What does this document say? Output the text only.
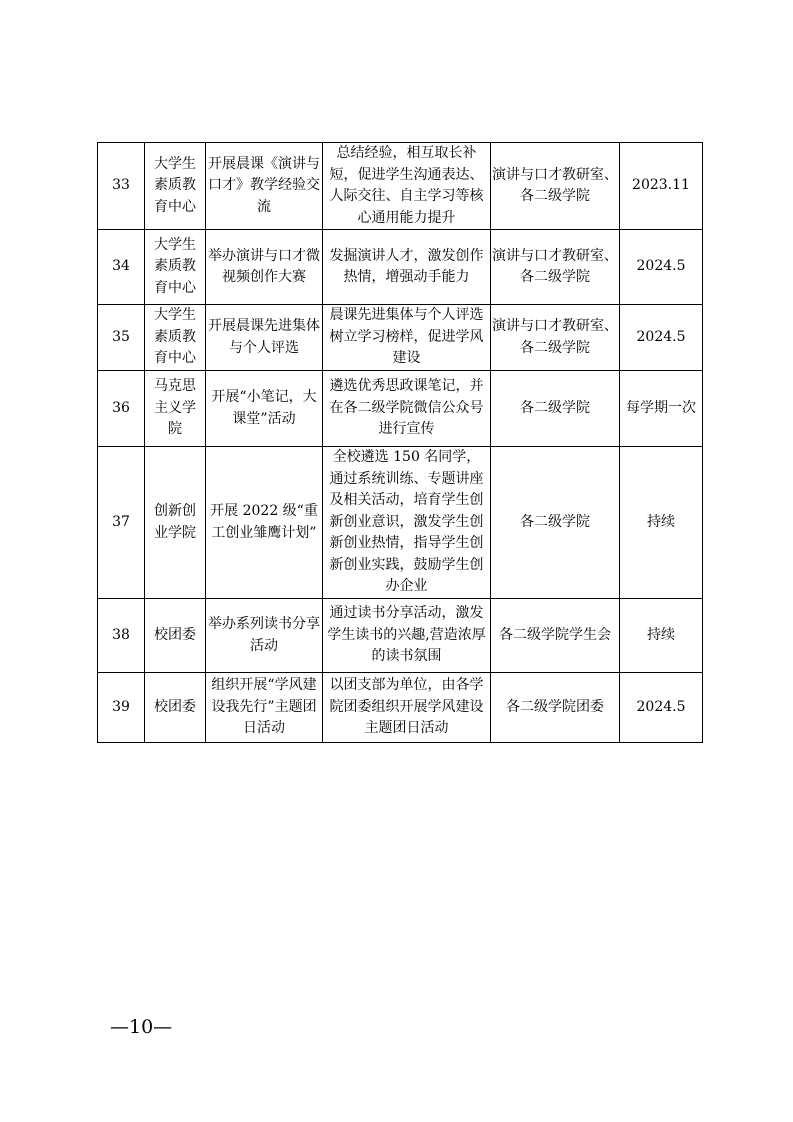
33	大学生素质教育中心	开展晨课《演讲与口才》教学经验交流	总结经验，相互取长补短，促进学生沟通表达、人际交往、自主学习等核心通用能力提升	演讲与口才教研室、各二级学院	2023.11
34	大学生素质教育中心	举办演讲与口才微视频创作大赛	发掘演讲人才，激发创作热情，增强动手能力	演讲与口才教研室、各二级学院	2024.5
35	大学生素质教育中心	开展晨课先进集体与个人评选	晨课先进集体与个人评选树立学习榜样，促进学风建设	演讲与口才教研室、各二级学院	2024.5
36	马克思主义学院	开展“小笔记，大课堂”活动	遴选优秀思政课笔记，并在各二级学院微信公众号进行宣传	各二级学院	每学期一次
37	创新创业学院	开展 2022 级“重工创业雏鹰计划”	全校遴选 150 名同学，通过系统训练、专题讲座及相关活动，培育学生创新创业意识，激发学生创新创业热情，指导学生创新创业实践，鼓励学生创办企业	各二级学院	持续
38	校团委	举办系列读书分享活动	通过读书分享活动，激发学生读书的兴趣,营造浓厚的读书氛围	各二级学院学生会	持续
39	校团委	组织开展“学风建设我先行”主题团日活动	以团支部为单位，由各学院团委组织开展学风建设主题团日活动	各二级学院团委	2024.5
—10—
